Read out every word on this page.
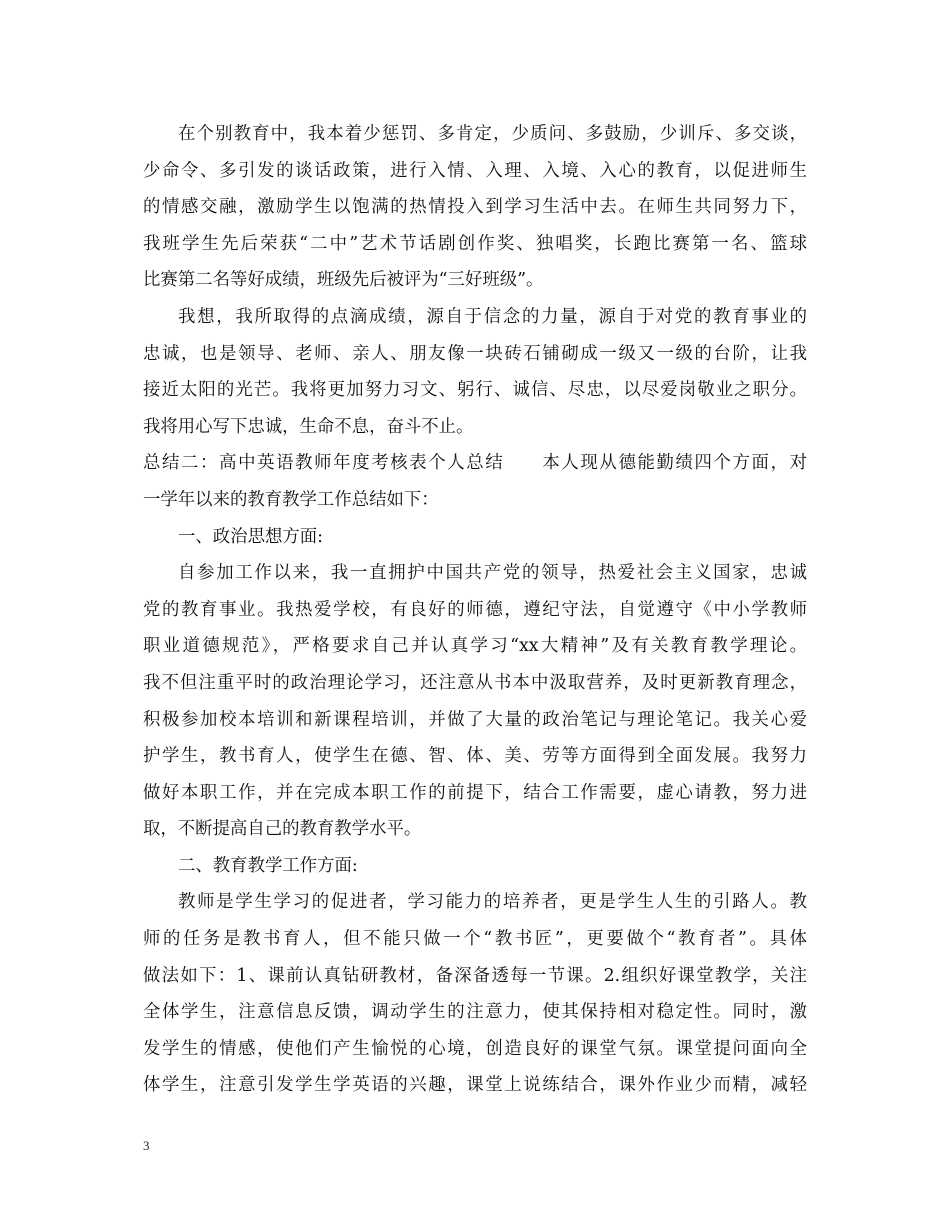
在个别教育中，我本着少惩罚、多肯定，少质问、多鼓励，少训斥、多交谈，
少命令、多引发的谈话政策，进行入情、入理、入境、入心的教育，以促进师生
的情感交融，激励学生以饱满的热情投入到学习生活中去。在师生共同努力下，
我班学生先后荣获“二中”艺术节话剧创作奖、独唱奖，长跑比赛第一名、篮球
比赛第二名等好成绩，班级先后被评为“三好班级”。
我想，我所取得的点滴成绩，源自于信念的力量，源自于对党的教育事业的
忠诚，也是领导、老师、亲人、朋友像一块砖石铺砌成一级又一级的台阶，让我
接近太阳的光芒。我将更加努力习文、躬行、诚信、尽忠，以尽爱岗敬业之职分。
我将用心写下忠诚，生命不息，奋斗不止。
总结二：高中英语教师年度考核表个人总结　　本人现从德能勤绩四个方面，对
一学年以来的教育教学工作总结如下：
一、政治思想方面:
自参加工作以来，我一直拥护中国共产党的领导，热爱社会主义国家，忠诚
党的教育事业。我热爱学校，有良好的师德，遵纪守法，自觉遵守《中小学教师
职业道德规范》，严格要求自己并认真学习“xx大精神”及有关教育教学理论。
我不但注重平时的政治理论学习，还注意从书本中汲取营养，及时更新教育理念，
积极参加校本培训和新课程培训，并做了大量的政治笔记与理论笔记。我关心爱
护学生，教书育人，使学生在德、智、体、美、劳等方面得到全面发展。我努力
做好本职工作，并在完成本职工作的前提下，结合工作需要，虚心请教，努力进
取，不断提高自己的教育教学水平。
二、教育教学工作方面:
教师是学生学习的促进者，学习能力的培养者，更是学生人生的引路人。教
师的任务是教书育人，但不能只做一个“教书匠”，更要做个“教育者”。具体
做法如下：1、课前认真钻研教材，备深备透每一节课。2.组织好课堂教学，关注
全体学生，注意信息反馈，调动学生的注意力，使其保持相对稳定性。同时，激
发学生的情感，使他们产生愉悦的心境，创造良好的课堂气氛。课堂提问面向全
体学生，注意引发学生学英语的兴趣，课堂上说练结合，课外作业少而精，减轻
3
